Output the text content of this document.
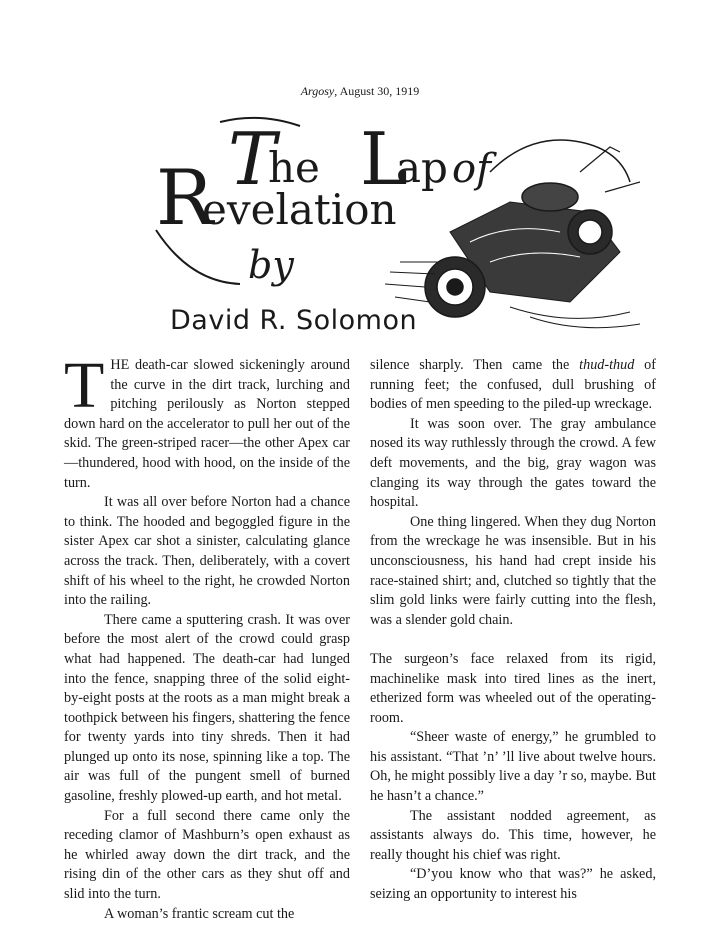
Argosy, August 30, 1919
T
he L
ap of
R
evelation
by
David R. Solomon

THE death-car slowed sickeningly around the curve in the dirt track, lurching and pitching perilously as Norton stepped down hard on the accelerator to pull her out of the skid. The green-striped racer—the other Apex car—thundered, hood with hood, on the inside of the turn.

It was all over before Norton had a chance to think. The hooded and begoggled figure in the sister Apex car shot a sinister, calculating glance across the track. Then, deliberately, with a covert shift of his wheel to the right, he crowded Norton into the railing.

There came a sputtering crash. It was over before the most alert of the crowd could grasp what had happened. The death-car had lunged into the fence, snapping three of the solid eight-by-eight posts at the roots as a man might break a toothpick between his fingers, shattering the fence for twenty yards into tiny shreds. Then it had plunged up onto its nose, spinning like a top. The air was full of the pungent smell of burned gasoline, freshly plowed-up earth, and hot metal.

For a full second there came only the receding clamor of Mashburn’s open exhaust as he whirled away down the dirt track, and the rising din of the other cars as they shut off and slid into the turn.

A woman’s frantic scream cut the

silence sharply. Then came the thud-thud of running feet; the confused, dull brushing of bodies of men speeding to the piled-up wreckage.

It was soon over. The gray ambulance nosed its way ruthlessly through the crowd. A few deft movements, and the big, gray wagon was clanging its way through the gates toward the hospital.

One thing lingered. When they dug Norton from the wreckage he was insensible. But in his unconsciousness, his hand had crept inside his race-stained shirt; and, clutched so tightly that the slim gold links were fairly cutting into the flesh, was a slender gold chain.

The surgeon’s face relaxed from its rigid, machinelike mask into tired lines as the inert, etherized form was wheeled out of the operating-room.

“Sheer waste of energy,” he grumbled to his assistant. “That ’n’ ’ll live about twelve hours. Oh, he might possibly live a day ’r so, maybe. But he hasn’t a chance.”

The assistant nodded agreement, as assistants always do. This time, however, he really thought his chief was right.

“D’you know who that was?” he asked, seizing an opportunity to interest his
